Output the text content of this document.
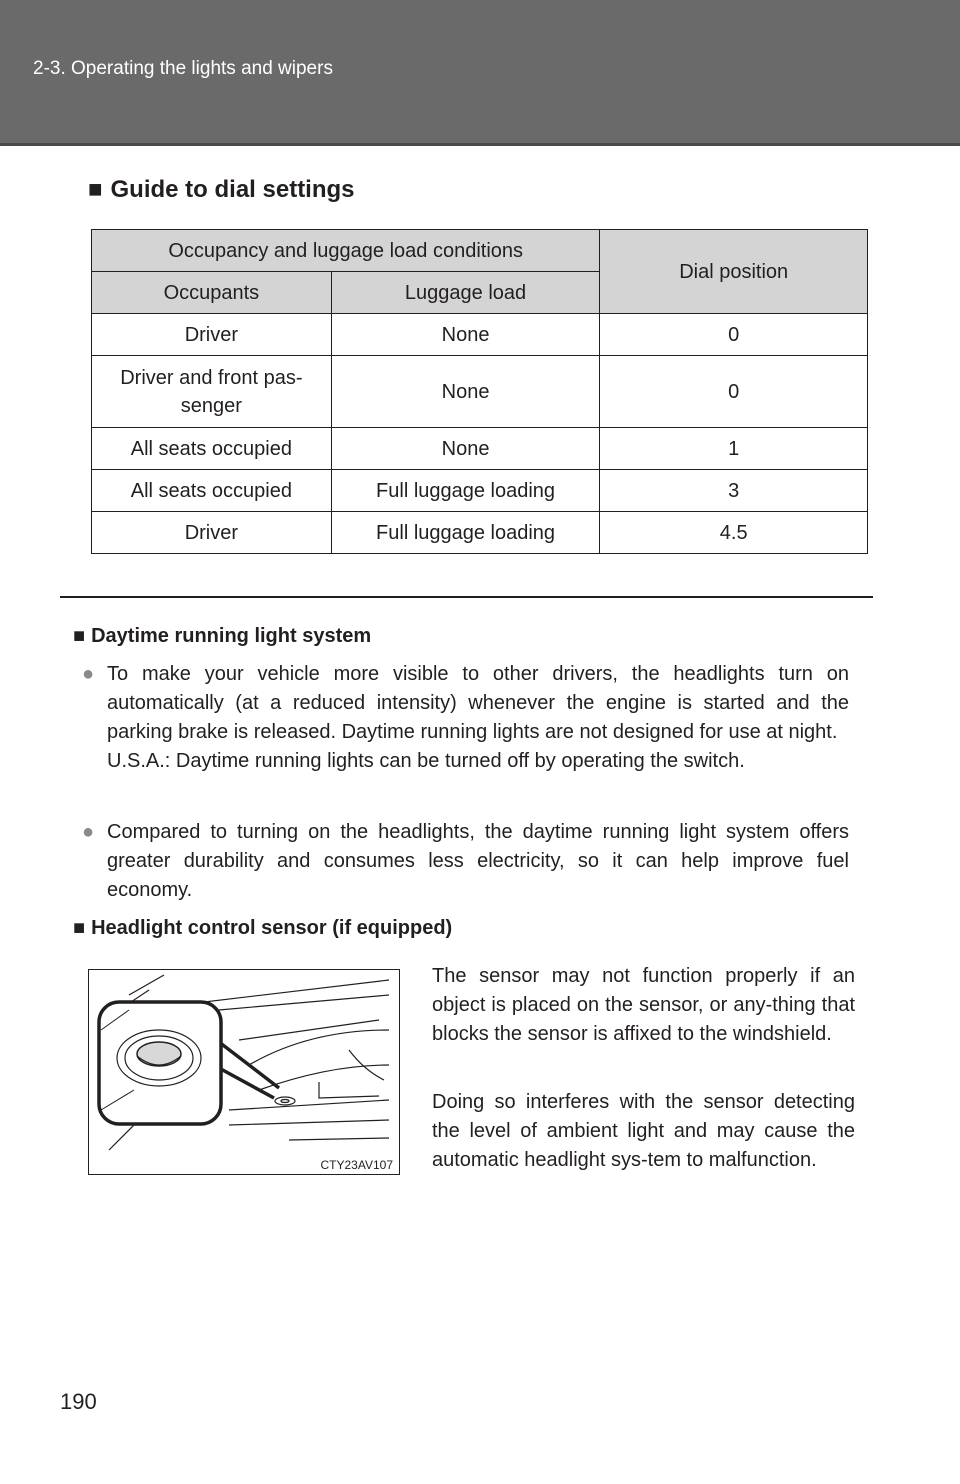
2-3. Operating the lights and wipers
■ Guide to dial settings
Occupancy and luggage load conditions		Dial position
Occupants	Luggage load	
Driver	None	0
Driver and front pas- senger	None	0
All seats occupied	None	1
All seats occupied	Full luggage loading	3
Driver	Full luggage loading	4.5
■ Daytime running light system
● To make your vehicle more visible to other drivers, the headlights turn on automatically (at a reduced intensity) whenever the engine is started and the parking brake is released. Daytime running lights are not designed for use at night.
U.S.A.: Daytime running lights can be turned off by operating the switch.
● Compared to turning on the headlights, the daytime running light system offers greater durability and consumes less electricity, so it can help improve fuel economy.
■ Headlight control sensor (if equipped)
CTY23AV107
The sensor may not function properly if an object is placed on the sensor, or any-thing that blocks the sensor is affixed to the windshield.
Doing so interferes with the sensor detecting the level of ambient light and may cause the automatic headlight sys-tem to malfunction.
190
